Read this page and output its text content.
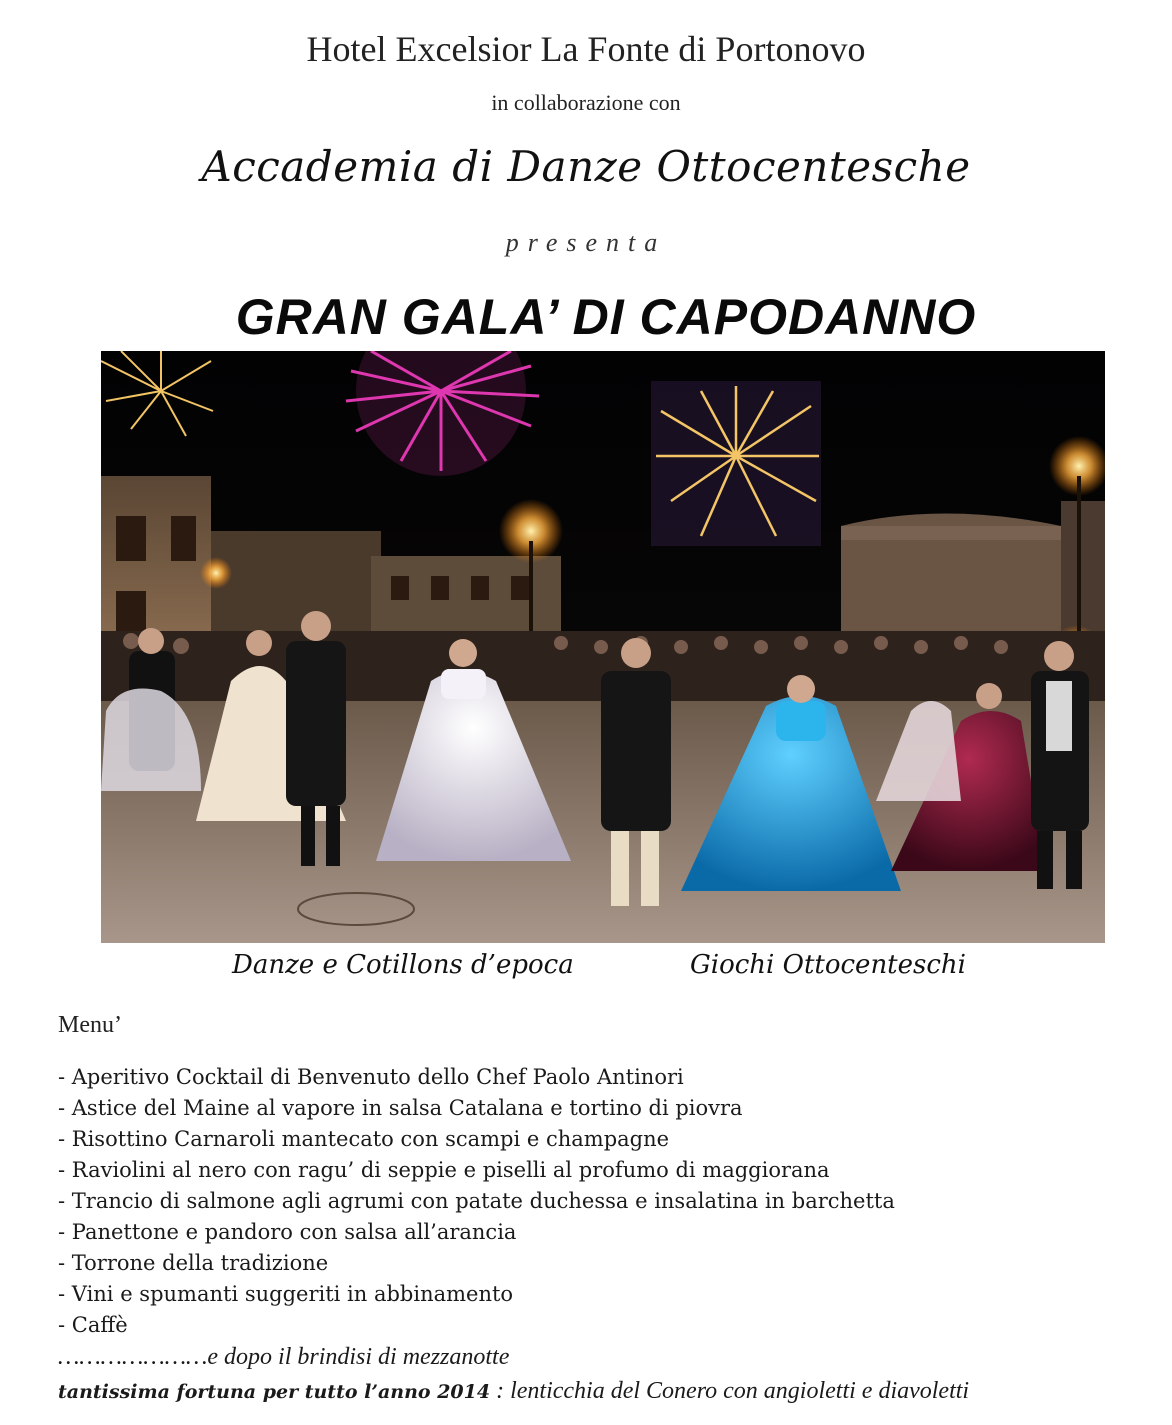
Hotel Excelsior La Fonte di Portonovo
in collaborazione con
Accademia di Danze Ottocentesche
presenta
GRAN GALA’ DI CAPODANNO
Danze e Cotillons d’epoca	Giochi Ottocenteschi
Menu’
- Aperitivo Cocktail di Benvenuto dello Chef Paolo Antinori
- Astice del Maine al vapore in salsa Catalana e tortino di piovra
- Risottino Carnaroli mantecato con scampi e champagne
- Raviolini al nero con ragu’ di seppie e piselli al profumo di maggiorana
- Trancio di salmone agli agrumi con patate duchessa e insalatina in barchetta
- Panettone e pandoro con salsa all’arancia
- Torrone della tradizione
- Vini e spumanti suggeriti in abbinamento
- Caffè
…………………e dopo il brindisi di mezzanotte
tantissima fortuna per tutto l’anno 2014 : lenticchia del Conero con angioletti e diavoletti
